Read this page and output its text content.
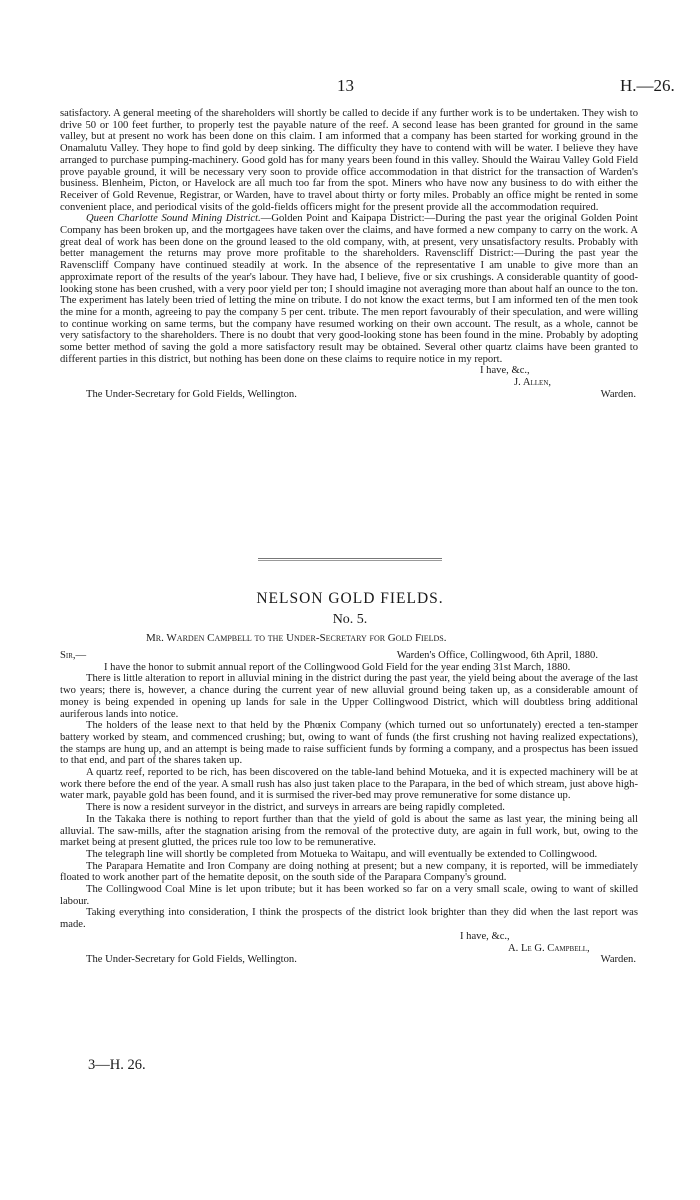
13	H.—26.

satisfactory. A general meeting of the shareholders will shortly be called to decide if any further work is to be undertaken. They wish to drive 50 or 100 feet further, to properly test the payable nature of the reef. A second lease has been granted for ground in the same valley, but at present no work has been done on this claim. I am informed that a company has been started for working ground in the Onamalutu Valley. They hope to find gold by deep sinking. The difficulty they have to contend with will be water. I believe they have arranged to purchase pumping-machinery. Good gold has for many years been found in this valley. Should the Wairau Valley Gold Field prove payable ground, it will be necessary very soon to provide office accommodation in that district for the transaction of Warden's business. Blenheim, Picton, or Havelock are all much too far from the spot. Miners who have now any business to do with either the Receiver of Gold Revenue, Registrar, or Warden, have to travel about thirty or forty miles. Probably an office might be rented in some convenient place, and periodical visits of the gold-fields officers might for the present provide all the accommodation required.

Queen Charlotte Sound Mining District.—Golden Point and Kaipapa District:—During the past year the original Golden Point Company has been broken up, and the mortgagees have taken over the claims, and have formed a new company to carry on the work. A great deal of work has been done on the ground leased to the old company, with, at present, very unsatisfactory results. Probably with better management the returns may prove more profitable to the shareholders. Ravenscliff District:—During the past year the Ravenscliff Company have continued steadily at work. In the absence of the representative I am unable to give more than an approximate report of the results of the year's labour. They have had, I believe, five or six crushings. A considerable quantity of good-looking stone has been crushed, with a very poor yield per ton; I should imagine not averaging more than about half an ounce to the ton. The experiment has lately been tried of letting the mine on tribute. I do not know the exact terms, but I am informed ten of the men took the mine for a month, agreeing to pay the company 5 per cent. tribute. The men report favourably of their speculation, and were willing to continue working on same terms, but the company have resumed working on their own account. The result, as a whole, cannot be very satisfactory to the shareholders. There is no doubt that very good-looking stone has been found in the mine. Probably by adopting some better method of saving the gold a more satisfactory result may be obtained. Several other quartz claims have been granted to different parties in this district, but nothing has been done on these claims to require notice in my report.

I have, &c.,

J. Allen,

The Under-Secretary for Gold Fields, Wellington.	Warden.
NELSON GOLD FIELDS.
No. 5.
Mr. Warden Campbell to the Under-Secretary for Gold Fields.
Sir,—	Warden's Office, Collingwood, 6th April, 1880.

I have the honor to submit annual report of the Collingwood Gold Field for the year ending 31st March, 1880.

There is little alteration to report in alluvial mining in the district during the past year, the yield being about the average of the last two years; there is, however, a chance during the current year of new alluvial ground being taken up, as a considerable amount of money is being expended in opening up lands for sale in the Upper Collingwood District, which will doubtless bring additional auriferous lands into notice.

The holders of the lease next to that held by the Phœnix Company (which turned out so unfortunately) erected a ten-stamper battery worked by steam, and commenced crushing; but, owing to want of funds (the first crushing not having realized expectations), the stamps are hung up, and an attempt is being made to raise sufficient funds by forming a company, and a prospectus has been issued to that end, and part of the shares taken up.

A quartz reef, reported to be rich, has been discovered on the table-land behind Motueka, and it is expected machinery will be at work there before the end of the year. A small rush has also just taken place to the Parapara, in the bed of which stream, just above high-water mark, payable gold has been found, and it is surmised the river-bed may prove remunerative for some distance up.

There is now a resident surveyor in the district, and surveys in arrears are being rapidly completed.

In the Takaka there is nothing to report further than that the yield of gold is about the same as last year, the mining being all alluvial. The saw-mills, after the stagnation arising from the removal of the protective duty, are again in full work, but, owing to the market being at present glutted, the prices rule too low to be remunerative.

The telegraph line will shortly be completed from Motueka to Waitapu, and will eventually be extended to Collingwood.

The Parapara Hematite and Iron Company are doing nothing at present; but a new company, it is reported, will be immediately floated to work another part of the hematite deposit, on the south side of the Parapara Company's ground.

The Collingwood Coal Mine is let upon tribute; but it has been worked so far on a very small scale, owing to want of skilled labour.

Taking everything into consideration, I think the prospects of the district look brighter than they did when the last report was made.

I have, &c.,

A. Le G. Campbell,

The Under-Secretary for Gold Fields, Wellington.	Warden.
3—H. 26.
